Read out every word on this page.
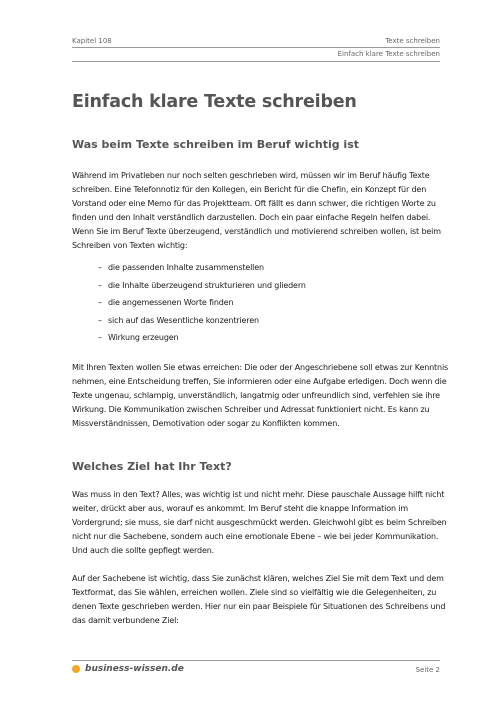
Kapitel 108	Texte schreiben
Einfach klare Texte schreiben
Einfach klare Texte schreiben
Was beim Texte schreiben im Beruf wichtig ist

Während im Privatleben nur noch selten geschrieben wird, müssen wir im Beruf häufig Texte schreiben. Eine Telefonnotiz für den Kollegen, ein Bericht für die Chefin, ein Konzept für den Vorstand oder eine Memo für das Projektteam. Oft fällt es dann schwer, die richtigen Worte zu finden und den Inhalt verständlich darzustellen. Doch ein paar einfache Regeln helfen dabei. Wenn Sie im Beruf Texte überzeugend, verständlich und motivierend schreiben wollen, ist beim Schreiben von Texten wichtig:

– die passenden Inhalte zusammenstellen
– die Inhalte überzeugend strukturieren und gliedern
– die angemessenen Worte finden
– sich auf das Wesentliche konzentrieren
– Wirkung erzeugen

Mit Ihren Texten wollen Sie etwas erreichen: Die oder der Angeschriebene soll etwas zur Kenntnis nehmen, eine Entscheidung treffen, Sie informieren oder eine Aufgabe erledigen. Doch wenn die Texte ungenau, schlampig, unverständlich, langatmig oder unfreundlich sind, verfehlen sie ihre Wirkung. Die Kommunikation zwischen Schreiber und Adressat funktioniert nicht. Es kann zu Missverständnissen, Demotivation oder sogar zu Konflikten kommen.

Welches Ziel hat Ihr Text?

Was muss in den Text? Alles, was wichtig ist und nicht mehr. Diese pauschale Aussage hilft nicht weiter, drückt aber aus, worauf es ankommt. Im Beruf steht die knappe Information im Vordergrund; sie muss, sie darf nicht ausgeschmückt werden. Gleichwohl gibt es beim Schreiben nicht nur die Sachebene, sondern auch eine emotionale Ebene – wie bei jeder Kommunikation. Und auch die sollte gepflegt werden.

Auf der Sachebene ist wichtig, dass Sie zunächst klären, welches Ziel Sie mit dem Text und dem Textformat, das Sie wählen, erreichen wollen. Ziele sind so vielfältig wie die Gelegenheiten, zu denen Texte geschrieben werden. Hier nur ein paar Beispiele für Situationen des Schreibens und das damit verbundene Ziel:

business-wissen.de	Seite 2
